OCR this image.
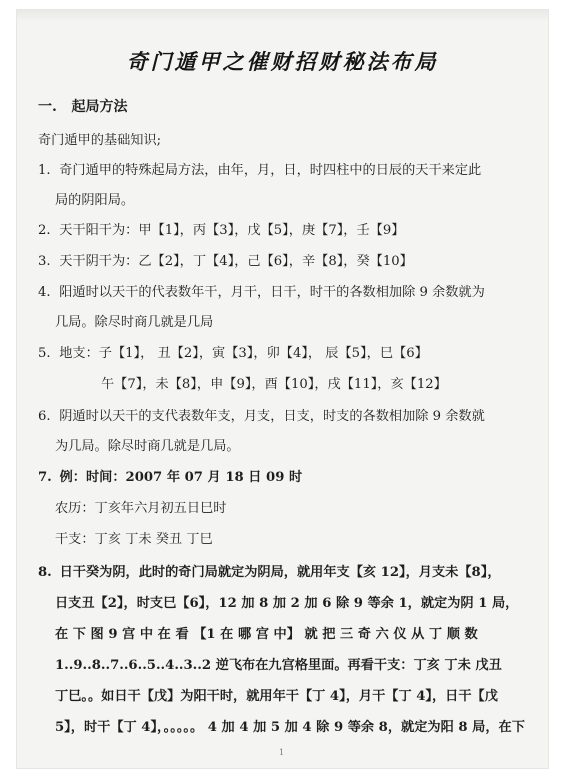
奇门遁甲之催财招财秘法布局
一. 起局方法
奇门遁甲的基础知识;
1. 奇门遁甲的特殊起局方法，由年，月，日，时四柱中的日辰的天干来定此
局的阴阳局。
2. 天干阳干为：甲【1】，丙【3】，戊【5】，庚【7】，壬【9】
3. 天干阴干为：乙【2】，丁【4】，己【6】，辛【8】，癸【10】
4. 阳遁时以天干的代表数年干，月干，日干，时干的各数相加除 9 余数就为
几局。除尽时商几就是几局
5. 地支：子【1】， 丑【2】，寅【3】，卯【4】， 辰【5】，巳【6】
午【7】，未【8】，申【9】，酉【10】，戌【11】，亥【12】
6. 阴遁时以天干的支代表数年支，月支，日支，时支的各数相加除 9 余数就
为几局。除尽时商几就是几局。
7. 例：时间：2007 年 07 月 18 日 09 时
农历：丁亥年六月初五日巳时
干支：丁亥 丁未 癸丑 丁巳
8. 日干癸为阴，此时的奇门局就定为阴局，就用年支【亥 12】，月支未【8】，
日支丑【2】，时支巳【6】，12 加 8 加 2 加 6 除 9 等余 1，就定为阴 1 局，
在 下 图 9 宫 中 在 看 【1 在 哪 宫 中】 就 把 三 奇 六 仪 从 丁 顺 数
1..9..8..7..6..5..4..3..2 逆飞布在九宫格里面。再看干支：丁亥 丁未 戊丑
丁巳。。如日干【戊】为阳干时，就用年干【丁 4】，月干【丁 4】，日干【戊
5】，时干【丁 4】，。。。。。 4 加 4 加 5 加 4 除 9 等余 8，就定为阳 8 局，在下
1
